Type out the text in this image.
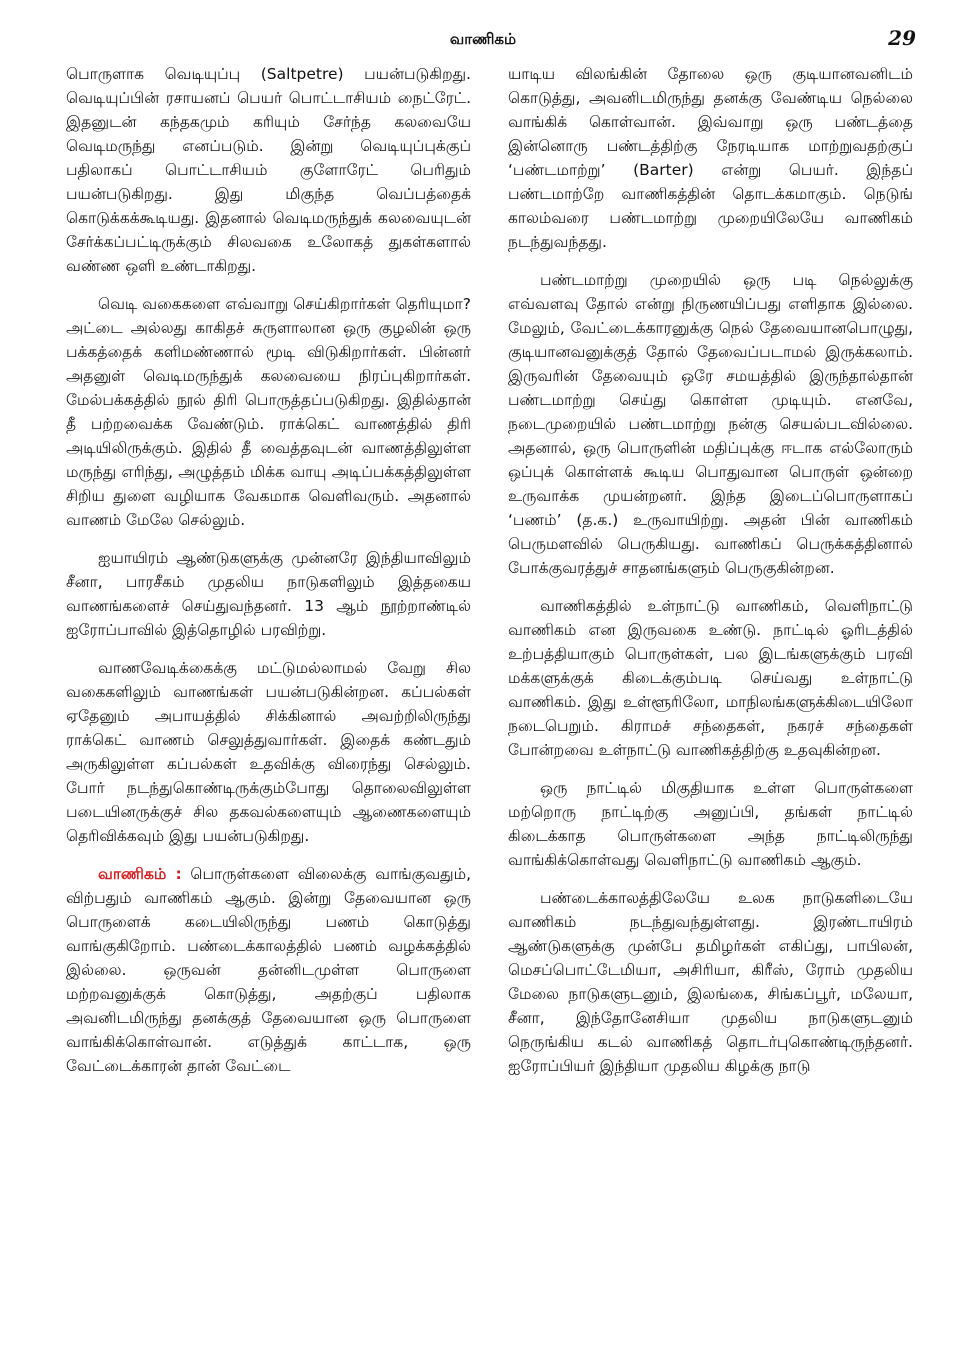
வாணிகம்	29

பொருளாக வெடியுப்பு (Saltpetre) பயன்படுகிறது. வெடியுப்பின் ரசாயனப் பெயர் பொட்டாசியம் நைட்ரேட். இதனுடன் கந்தகமும் கரியும் சேர்ந்த கலவையே வெடிமருந்து எனப்படும். இன்று வெடியுப்புக்குப் பதிலாகப் பொட்டாசியம் குளோரேட் பெரிதும் பயன்படுகிறது. இது மிகுந்த வெப்பத்தைக் கொடுக்கக்கூடியது. இதனால் வெடிமருந்துக் கலவையுடன் சேர்க்கப்பட்டிருக்கும் சிலவகை உலோகத் துகள்களால் வண்ண ஒளி உண்டாகிறது.

வெடி வகைகளை எவ்வாறு செய்கிறார்கள் தெரியுமா? அட்டை அல்லது காகிதச் சுருளாலான ஒரு குழலின் ஒரு பக்கத்தைக் களிமண்ணால் மூடி விடுகிறார்கள். பின்னர் அதனுள் வெடிமருந்துக் கலவையை நிரப்புகிறார்கள். மேல்பக்கத்தில் நூல் திரி பொருத்தப்படுகிறது. இதில்தான் தீ பற்றவைக்க வேண்டும். ராக்கெட் வாணத்தில் திரி அடியிலிருக்கும். இதில் தீ வைத்தவுடன் வாணத்திலுள்ள மருந்து எரிந்து, அழுத்தம் மிக்க வாயு அடிப்பக்கத்திலுள்ள சிறிய துளை வழியாக வேகமாக வெளிவரும். அதனால் வாணம் மேலே செல்லும்.

ஐயாயிரம் ஆண்டுகளுக்கு முன்னரே இந்தியாவிலும் சீனா, பாரசீகம் முதலிய நாடுகளிலும் இத்தகைய வாணங்களைச் செய்துவந்தனர். 13 ஆம் நூற்றாண்டில் ஐரோப்பாவில் இத்தொழில் பரவிற்று.

வாணவேடிக்கைக்கு மட்டுமல்லாமல் வேறு சில வகைகளிலும் வாணங்கள் பயன்படுகின்றன. கப்பல்கள் ஏதேனும் அபாயத்தில் சிக்கினால் அவற்றிலிருந்து ராக்கெட் வாணம் செலுத்துவார்கள். இதைக் கண்டதும் அருகிலுள்ள கப்பல்கள் உதவிக்கு விரைந்து செல்லும். போர் நடந்துகொண்டிருக்கும்போது தொலைவிலுள்ள படையினருக்குச் சில தகவல்களையும் ஆணைகளையும் தெரிவிக்கவும் இது பயன்படுகிறது.

வாணிகம் : பொருள்களை விலைக்கு வாங்குவதும், விற்பதும் வாணிகம் ஆகும். இன்று தேவையான ஒரு பொருளைக் கடையிலிருந்து பணம் கொடுத்து வாங்குகிறோம். பண்டைக்காலத்தில் பணம் வழக்கத்தில் இல்லை. ஒருவன் தன்னிடமுள்ள பொருளை மற்றவனுக்குக் கொடுத்து, அதற்குப் பதிலாக அவனிடமிருந்து தனக்குத் தேவையான ஒரு பொருளை வாங்கிக்கொள்வான். எடுத்துக் காட்டாக, ஒரு வேட்டைக்காரன் தான் வேட்டை

யாடிய விலங்கின் தோலை ஒரு குடியானவனிடம் கொடுத்து, அவனிடமிருந்து தனக்கு வேண்டிய நெல்லை வாங்கிக் கொள்வான். இவ்வாறு ஒரு பண்டத்தை இன்னொரு பண்டத்திற்கு நேரடியாக மாற்றுவதற்குப் ‘பண்டமாற்று’ (Barter) என்று பெயர். இந்தப் பண்டமாற்றே வாணிகத்தின் தொடக்கமாகும். நெடுங் காலம்வரை பண்டமாற்று முறையிலேயே வாணிகம் நடந்துவந்தது.

பண்டமாற்று முறையில் ஒரு படி நெல்லுக்கு எவ்வளவு தோல் என்று நிருணயிப்பது எளிதாக இல்லை. மேலும், வேட்டைக்காரனுக்கு நெல் தேவையானபொழுது, குடியானவனுக்குத் தோல் தேவைப்படாமல் இருக்கலாம். இருவரின் தேவையும் ஒரே சமயத்தில் இருந்தால்தான் பண்டமாற்று செய்து கொள்ள முடியும். எனவே, நடைமுறையில் பண்டமாற்று நன்கு செயல்படவில்லை. அதனால், ஒரு பொருளின் மதிப்புக்கு ஈடாக எல்லோரும் ஒப்புக் கொள்ளக் கூடிய பொதுவான பொருள் ஒன்றை உருவாக்க முயன்றனர். இந்த இடைப்பொருளாகப் ‘பணம்’ (த.க.) உருவாயிற்று. அதன் பின் வாணிகம் பெருமளவில் பெருகியது. வாணிகப் பெருக்கத்தினால் போக்குவரத்துச் சாதனங்களும் பெருகுகின்றன.

வாணிகத்தில் உள்நாட்டு வாணிகம், வெளிநாட்டு வாணிகம் என இருவகை உண்டு. நாட்டில் ஓரிடத்தில் உற்பத்தியாகும் பொருள்கள், பல இடங்களுக்கும் பரவி மக்களுக்குக் கிடைக்கும்படி செய்வது உள்நாட்டு வாணிகம். இது உள்ளூரிலோ, மாநிலங்களுக்கிடையிலோ நடைபெறும். கிராமச் சந்தைகள், நகரச் சந்தைகள் போன்றவை உள்நாட்டு வாணிகத்திற்கு உதவுகின்றன.

ஒரு நாட்டில் மிகுதியாக உள்ள பொருள்களை மற்றொரு நாட்டிற்கு அனுப்பி, தங்கள் நாட்டில் கிடைக்காத பொருள்களை அந்த நாட்டிலிருந்து வாங்கிக்கொள்வது வெளிநாட்டு வாணிகம் ஆகும்.

பண்டைக்காலத்திலேயே உலக நாடுகளிடையே வாணிகம் நடந்துவந்துள்ளது. இரண்டாயிரம் ஆண்டுகளுக்கு முன்பே தமிழர்கள் எகிப்து, பாபிலன், மெசப்பொட்டேமியா, அசிரியா, கிரீஸ், ரோம் முதலிய மேலை நாடுகளுடனும், இலங்கை, சிங்கப்பூர், மலேயா, சீனா, இந்தோனேசியா முதலிய நாடுகளுடனும் நெருங்கிய கடல் வாணிகத் தொடர்புகொண்டிருந்தனர். ஐரோப்பியர் இந்தியா முதலிய கிழக்கு நாடு
